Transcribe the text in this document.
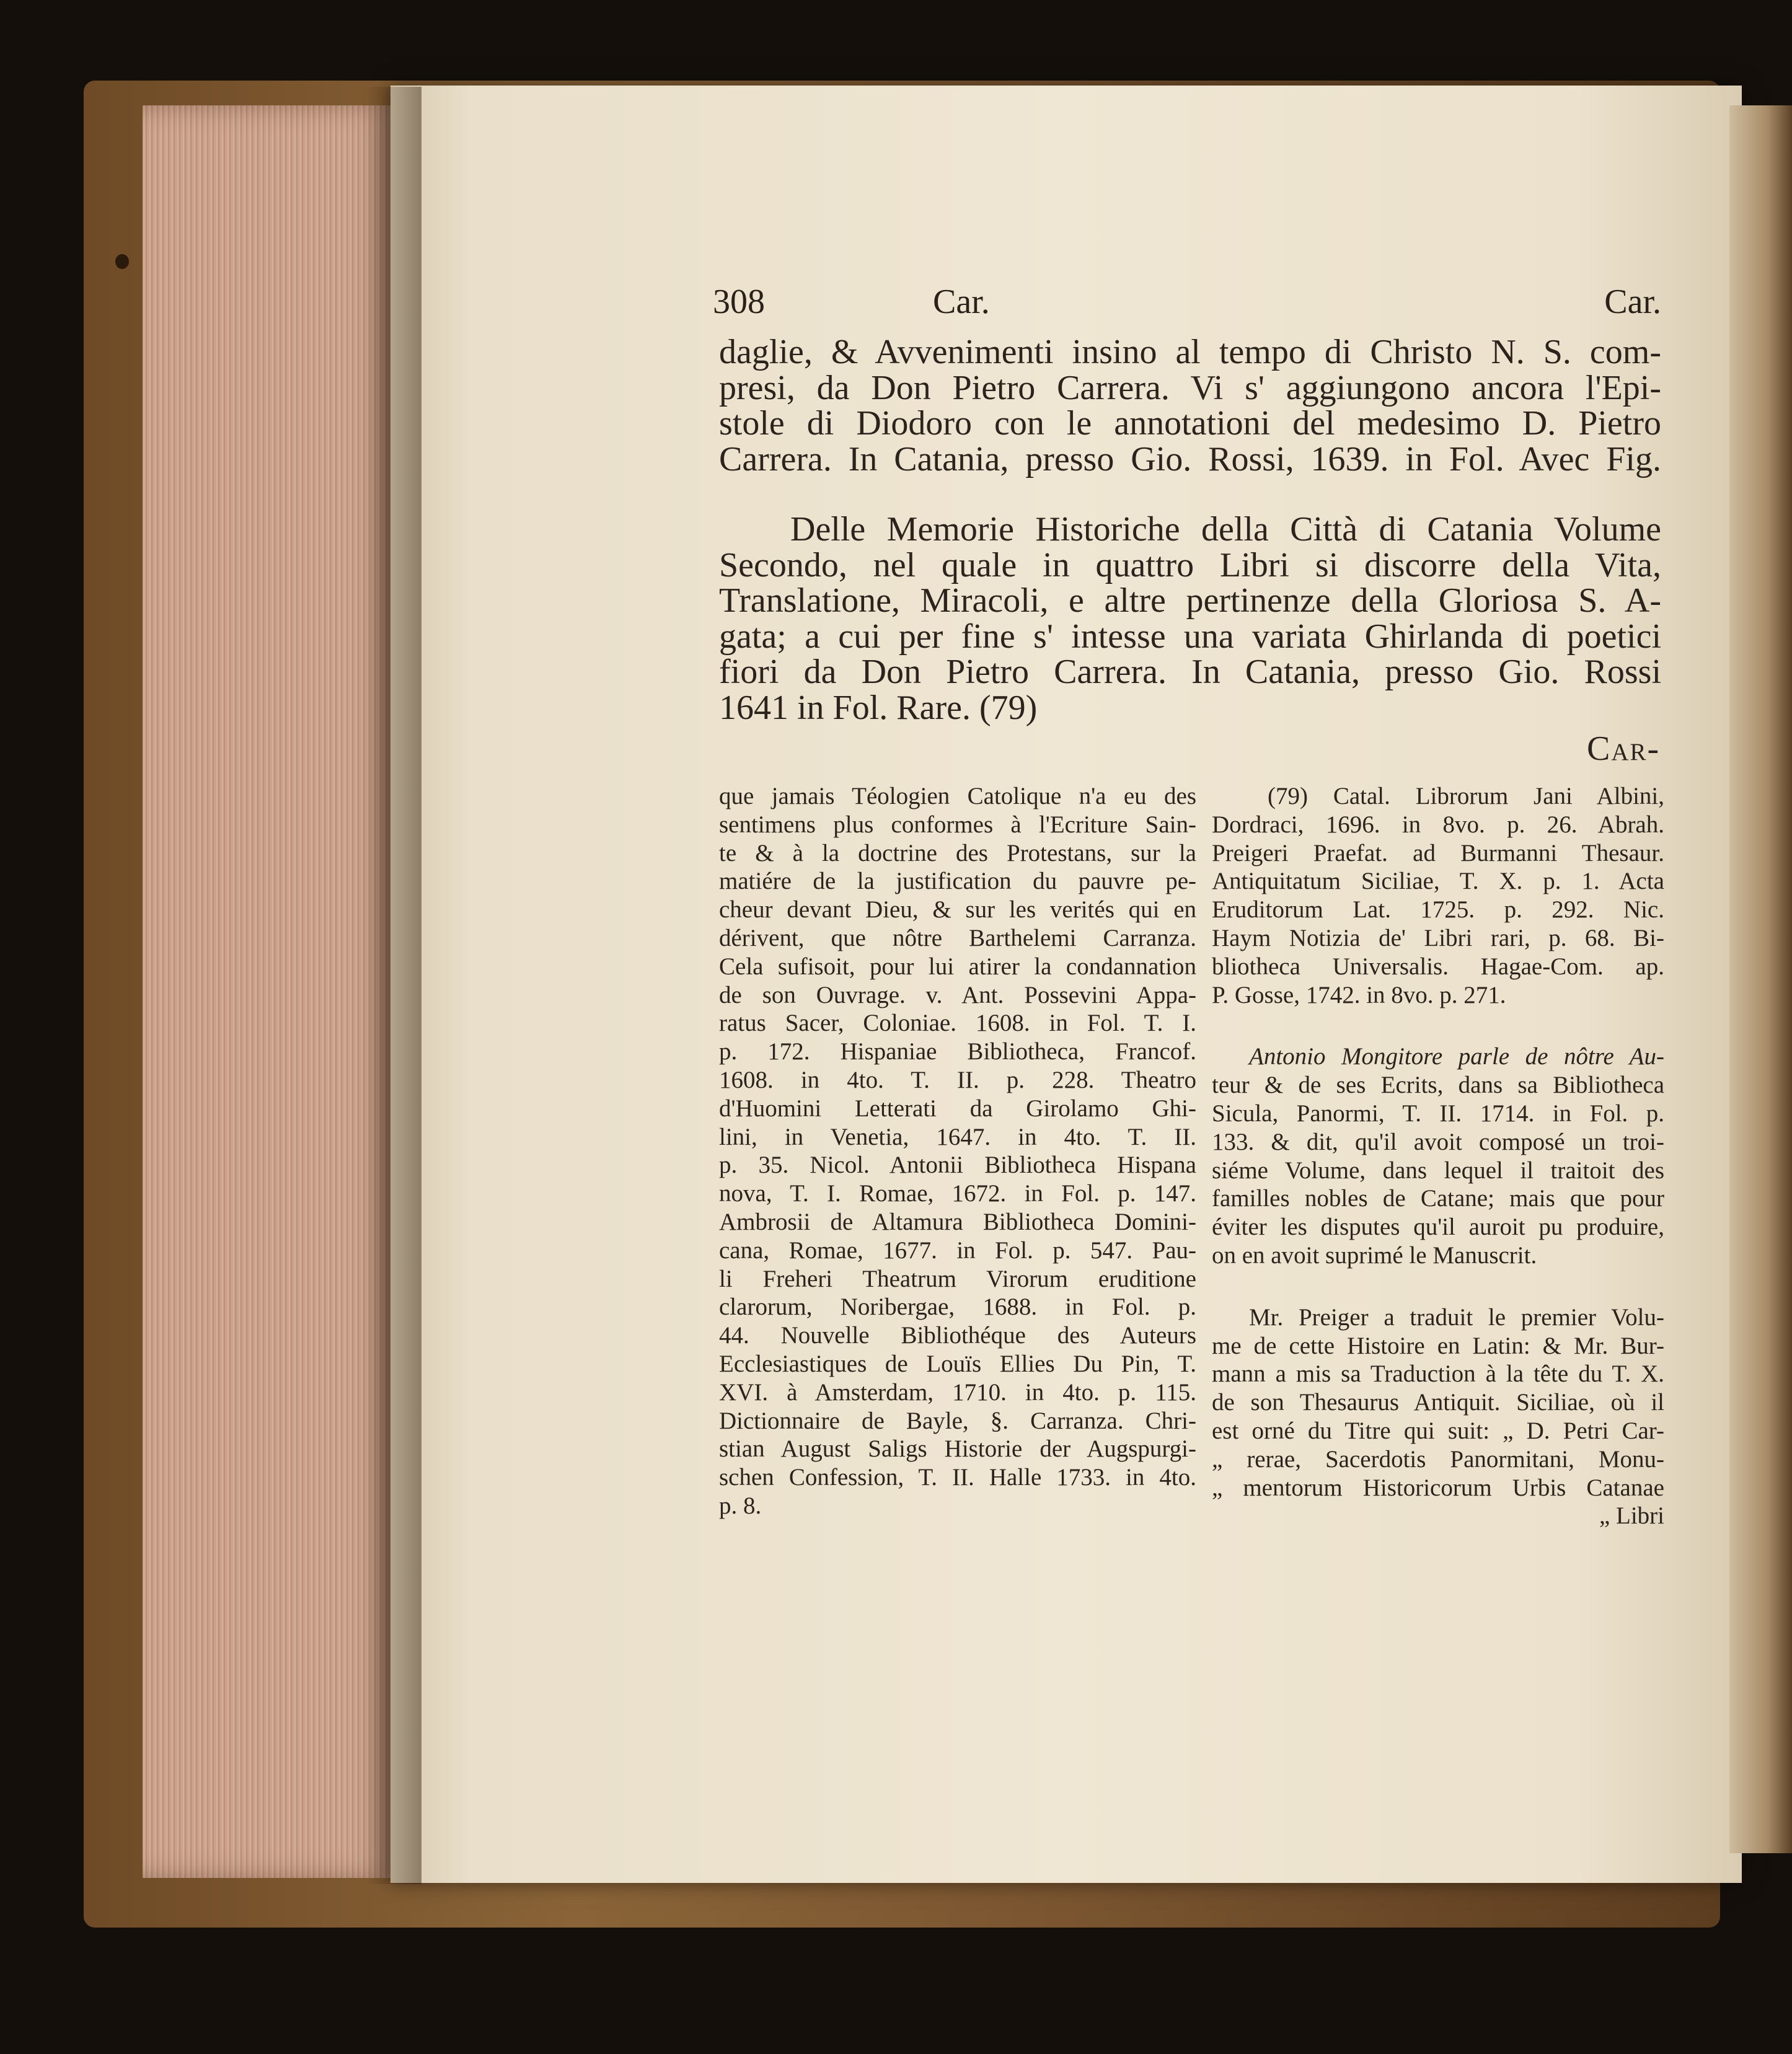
308	Car.	Car.
daglie, & Avvenimenti insino al tempo di Christo N. S. com-
presi, da Don Pietro Carrera. Vi s' aggiungono ancora l'Epi-
stole di Diodoro con le annotationi del medesimo D. Pietro
Carrera. In Catania, presso Gio. Rossi, 1639. in Fol. Avec Fig.
Delle Memorie Historiche della Città di Catania Volume
Secondo, nel quale in quattro Libri si discorre della Vita,
Translatione, Miracoli, e altre pertinenze della Gloriosa S. A-
gata; a cui per fine s' intesse una variata Ghirlanda di poetici
fiori da Don Pietro Carrera. In Catania, presso Gio. Rossi
1641 in Fol. Rare. (79)
Car-
que jamais Téologien Catolique n'a eu des
sentimens plus conformes à l'Ecriture Sain-
te & à la doctrine des Protestans, sur la
matiére de la justification du pauvre pe-
cheur devant Dieu, & sur les verités qui en
dérivent, que nôtre Barthelemi Carranza.
Cela sufisoit, pour lui atirer la condannation
de son Ouvrage. v. Ant. Possevini Appa-
ratus Sacer, Coloniae. 1608. in Fol. T. I.
p. 172. Hispaniae Bibliotheca, Francof.
1608. in 4to. T. II. p. 228. Theatro
d'Huomini Letterati da Girolamo Ghi-
lini, in Venetia, 1647. in 4to. T. II.
p. 35. Nicol. Antonii Bibliotheca Hispana
nova, T. I. Romae, 1672. in Fol. p. 147.
Ambrosii de Altamura Bibliotheca Domini-
cana, Romae, 1677. in Fol. p. 547. Pau-
li Freheri Theatrum Virorum eruditione
clarorum, Noribergae, 1688. in Fol. p.
44. Nouvelle Bibliothéque des Auteurs
Ecclesiastiques de Louïs Ellies Du Pin, T.
XVI. à Amsterdam, 1710. in 4to. p. 115.
Dictionnaire de Bayle, §. Carranza. Chri-
stian August Saligs Historie der Augspurgi-
schen Confession, T. II. Halle 1733. in 4to.
p. 8.
(79) Catal. Librorum Jani Albini,
Dordraci, 1696. in 8vo. p. 26. Abrah.
Preigeri Praefat. ad Burmanni Thesaur.
Antiquitatum Siciliae, T. X. p. 1. Acta
Eruditorum Lat. 1725. p. 292. Nic.
Haym Notizia de' Libri rari, p. 68. Bi-
bliotheca Universalis. Hagae-Com. ap.
P. Gosse, 1742. in 8vo. p. 271.
Antonio Mongitore parle de nôtre Au-
teur & de ses Ecrits, dans sa Bibliotheca
Sicula, Panormi, T. II. 1714. in Fol. p.
133. & dit, qu'il avoit composé un troi-
siéme Volume, dans lequel il traitoit des
familles nobles de Catane; mais que pour
éviter les disputes qu'il auroit pu produire,
on en avoit suprimé le Manuscrit.
Mr. Preiger a traduit le premier Volu-
me de cette Histoire en Latin: & Mr. Bur-
mann a mis sa Traduction à la tête du T. X.
de son Thesaurus Antiquit. Siciliae, où il
est orné du Titre qui suit: „ D. Petri Car-
„ rerae, Sacerdotis Panormitani, Monu-
„ mentorum Historicorum Urbis Catanae
„ Libri
